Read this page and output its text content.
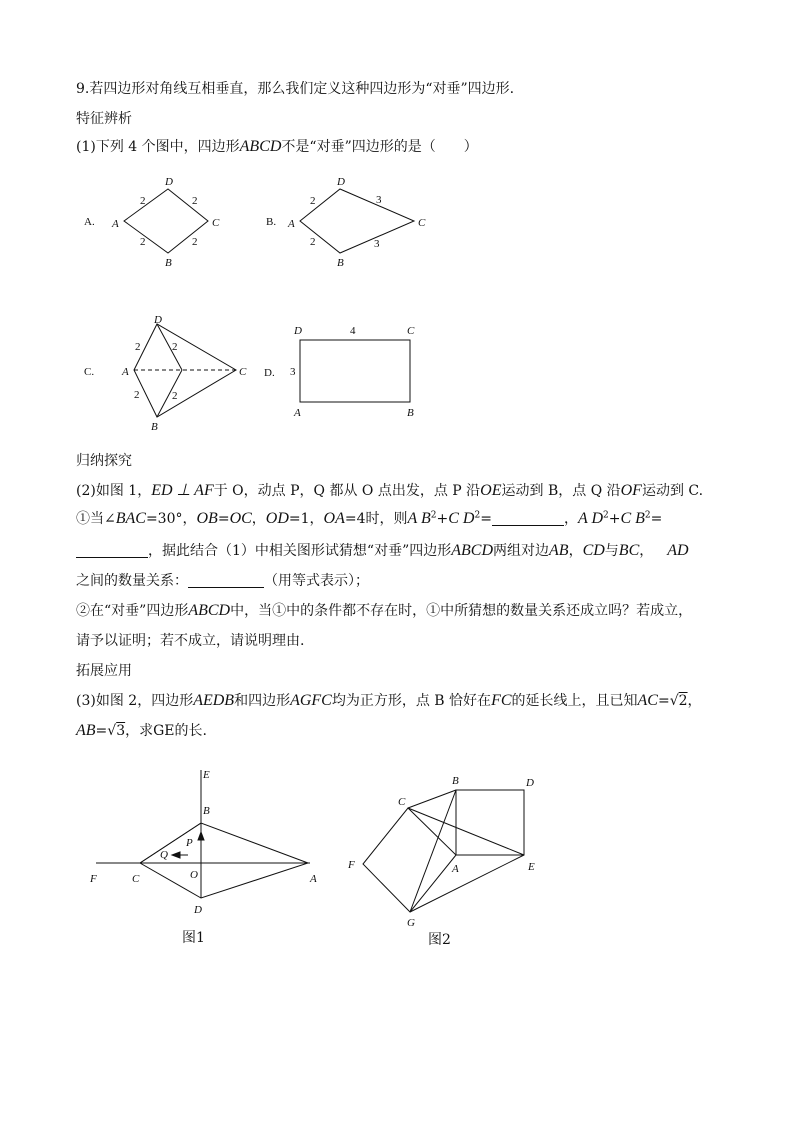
9.若四边形对角线互相垂直，那么我们定义这种四边形为“对垂”四边形.
特征辨析
(1)下列 4 个图中，四边形ABCD不是“对垂”四边形的是（　　）
A. A
D
C
B
2	2
2	2
B. A
D
C
B
2	3
2	3
C.	A
D
C
B
2	2
2	2
D.
D	C
A	B
4
3
归纳探究
(2)如图 1，ED ⊥ AF于 O，动点 P，Q 都从 O 点出发，点 P 沿OE运动到 B，点 Q 沿OF运动到 C.
①当∠BAC=30°，OB=OC，OD=1，OA=4时，则A $B^2+C$ $D^2=$	，A $D^2+C$ $B^2=$
，据此结合（1）中相关图形试猜想“对垂”四边形ABCD两组对边AB，CD与BC， AD
之间的数量关系：	（用等式表示）；
②在“对垂”四边形ABCD中，当①中的条件都不存在时，①中所猜想的数量关系还成立吗？若成立，
请予以证明；若不成立，请说明理由.
拓展应用
(3)如图 2，四边形AEDB和四边形AGFC均为正方形，点 B 恰好在FC的延长线上，且已知AC=√2，
AB=√3，求GE的长.
E
B
P
Q
F	C	O	A
D
图1
B	D
C
F	A	E
G
图2
